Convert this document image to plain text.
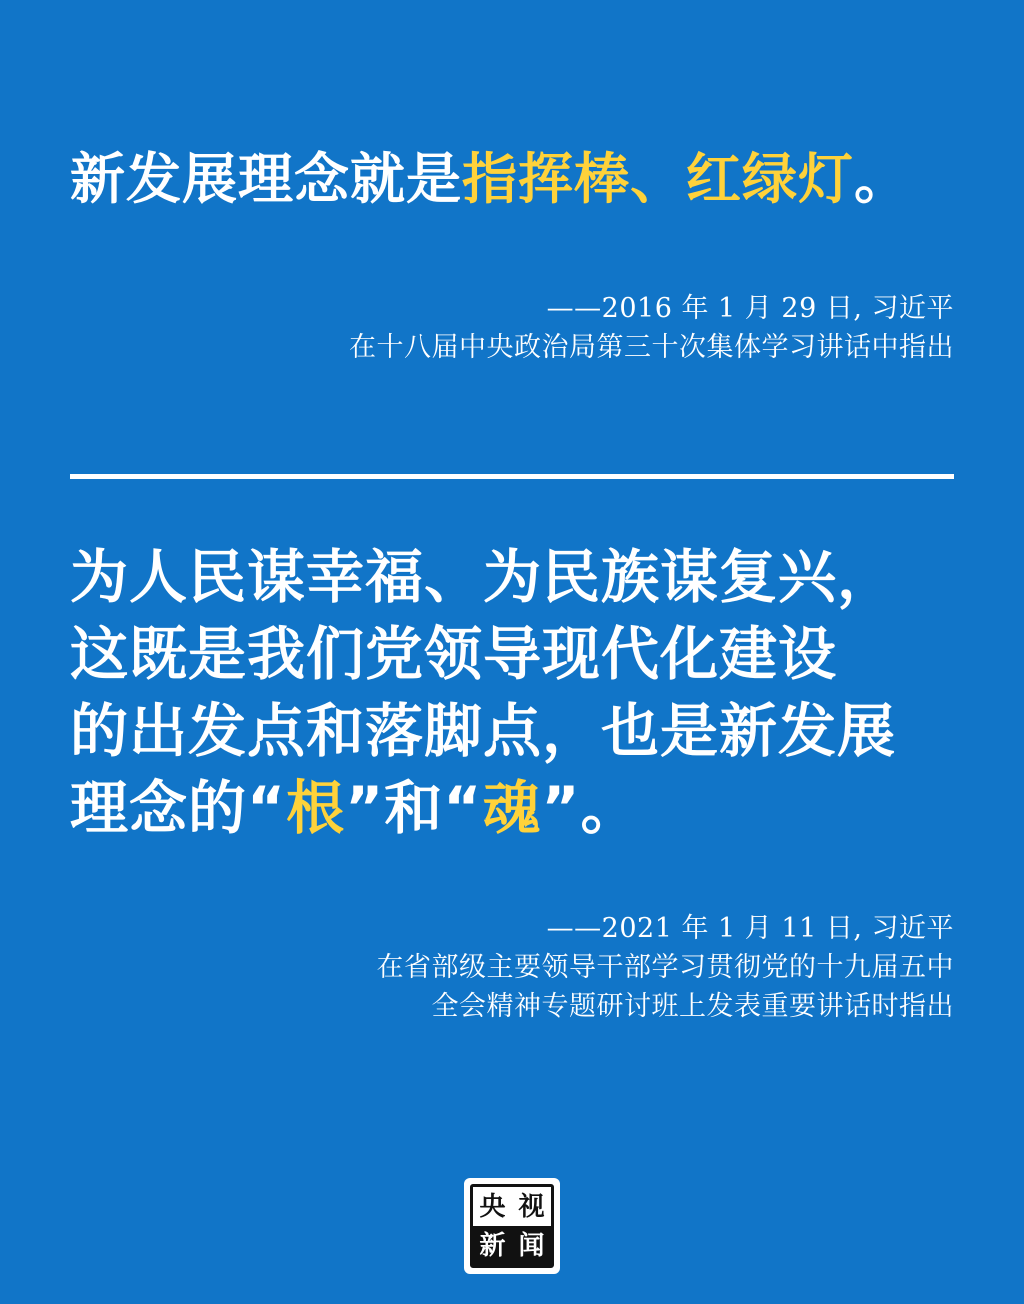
新发展理念就是指挥棒、红绿灯。
——2016 年 1 月 29 日, 习近平
在十八届中央政治局第三十次集体学习讲话中指出
为人民谋幸福、为民族谋复兴，
这既是我们党领导现代化建设
的出发点和落脚点，也是新发展
理念的“根”和“魂”。
——2021 年 1 月 11 日, 习近平
在省部级主要领导干部学习贯彻党的十九届五中
全会精神专题研讨班上发表重要讲话时指出
央 视
新 闻
